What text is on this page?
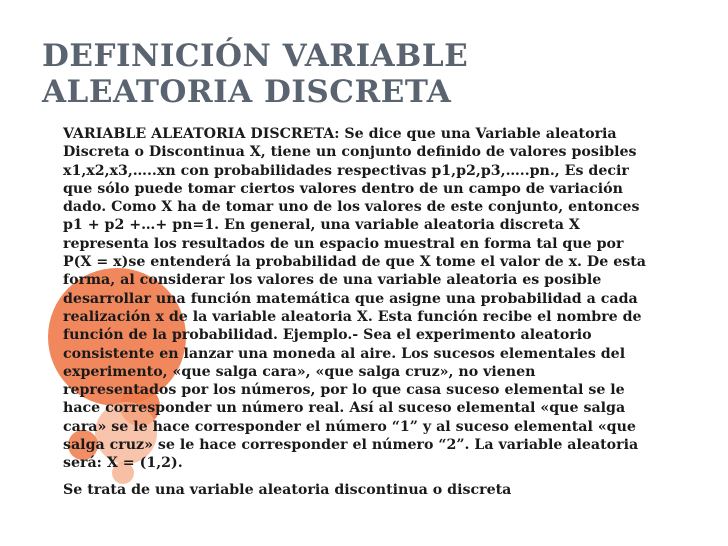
DEFINICIÓN VARIABLE ALEATORIA DISCRETA

VARIABLE ALEATORIA DISCRETA: Se dice que una Variable aleatoria Discreta o Discontinua X, tiene un conjunto definido de valores posibles x1,x2,x3,…..xn con probabilidades respectivas p1,p2,p3,…..pn., Es decir que sólo puede tomar ciertos valores dentro de un campo de variación dado. Como X ha de tomar uno de los valores de este conjunto, entonces p1 + p2 +…+ pn=1. En general, una variable aleatoria discreta X representa los resultados de un espacio muestral en forma tal que por P(X = x)se entenderá la probabilidad de que X tome el valor de x. De esta forma, al considerar los valores de una variable aleatoria es posible desarrollar una función matemática que asigne una probabilidad a cada realización x de la variable aleatoria X. Esta función recibe el nombre de función de la probabilidad. Ejemplo.- Sea el experimento aleatorio consistente en lanzar una moneda al aire. Los sucesos elementales del experimento, «que salga cara», «que salga cruz», no vienen representados por los números, por lo que casa suceso elemental se le hace corresponder un número real. Así al suceso elemental «que salga cara» se le hace corresponder el número “1” y al suceso elemental «que salga cruz» se le hace corresponder el número “2”. La variable aleatoria será: X = (1,2).

Se trata de una variable aleatoria discontinua o discreta
